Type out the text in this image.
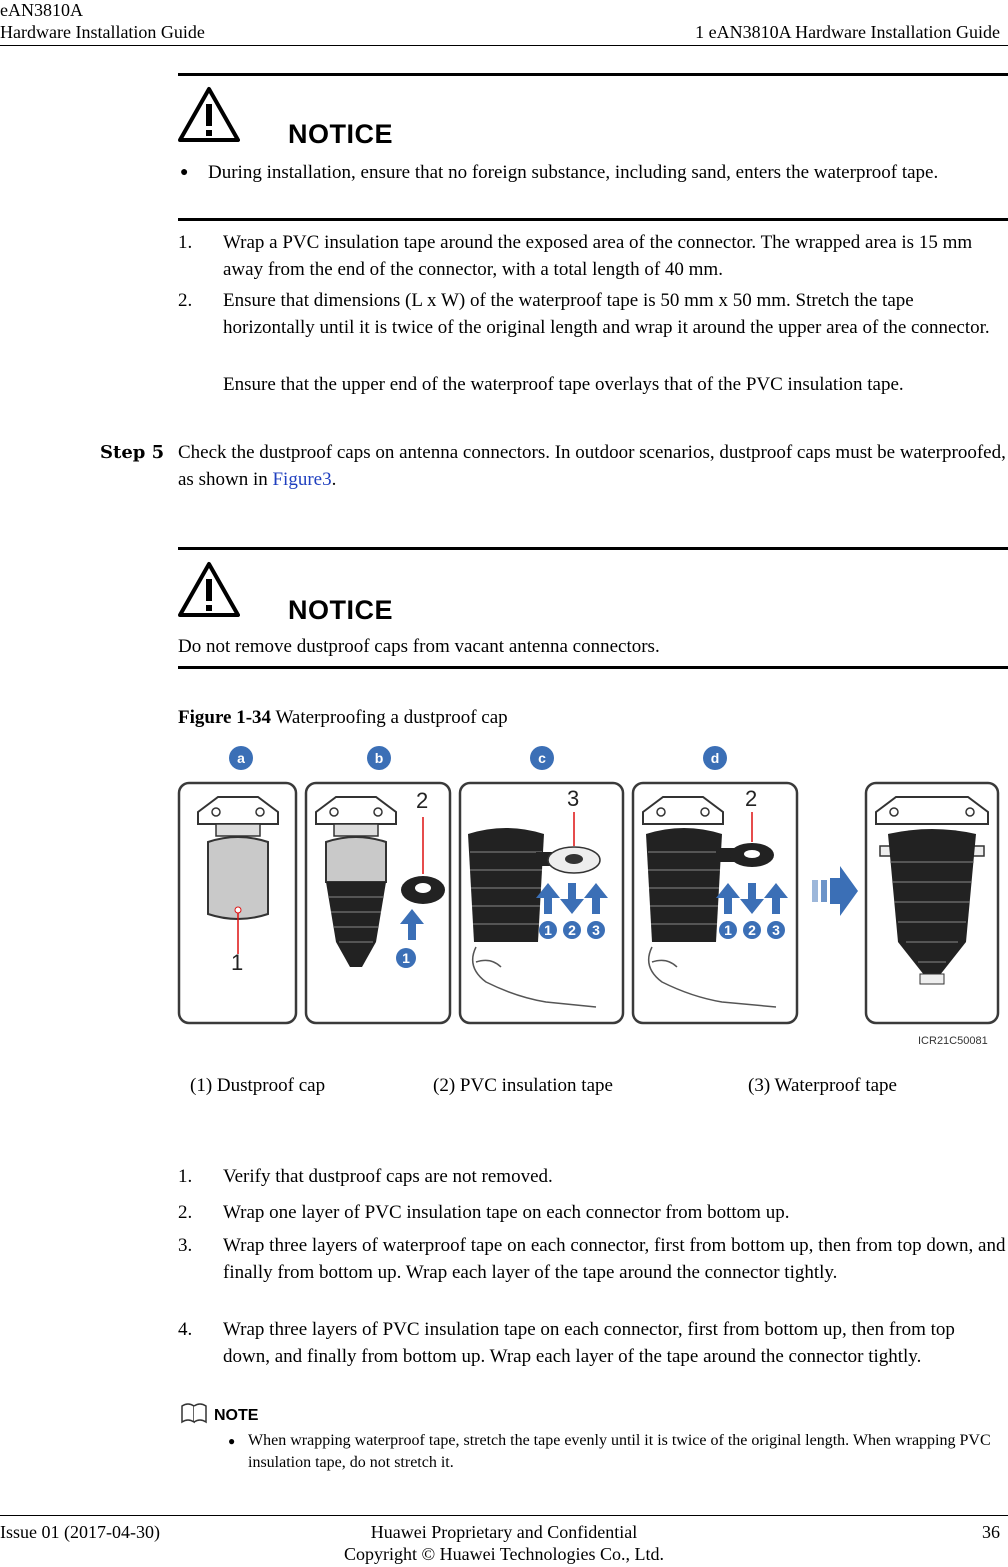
eAN3810A
Hardware Installation Guide	1 eAN3810A Hardware Installation Guide
NOTICE
● During installation, ensure that no foreign substance, including sand, enters the waterproof tape.
1.	Wrap a PVC insulation tape around the exposed area of the connector. The wrapped area is 15 mm away from the end of the connector, with a total length of 40 mm.
2.	Ensure that dimensions (L x W) of the waterproof tape is 50 mm x 50 mm. Stretch the tape horizontally until it is twice of the original length and wrap it around the upper area of the connector.
Ensure that the upper end of the waterproof tape overlays that of the PVC insulation tape.
Step 5 Check the dustproof caps on antenna connectors. In outdoor scenarios, dustproof caps must be waterproofed, as shown in Figure3.
NOTICE
Do not remove dustproof caps from vacant antenna connectors.
Figure 1-34 Waterproofing a dustproof cap
a	b	c	d
1
2
1
3
1 2 3
2
1 2 3
ICR21C50081
(1) Dustproof cap	(2) PVC insulation tape	(3) Waterproof tape
1.	Verify that dustproof caps are not removed.
2.	Wrap one layer of PVC insulation tape on each connector from bottom up.
3.	Wrap three layers of waterproof tape on each connector, first from bottom up, then from top down, and finally from bottom up. Wrap each layer of the tape around the connector tightly.
4.	Wrap three layers of PVC insulation tape on each connector, first from bottom up, then from top down, and finally from bottom up. Wrap each layer of the tape around the connector tightly.
NOTE
● When wrapping waterproof tape, stretch the tape evenly until it is twice of the original length. When wrapping PVC insulation tape, do not stretch it.
Issue 01 (2017-04-30)	Huawei Proprietary and Confidential
Copyright © Huawei Technologies Co., Ltd.
36
